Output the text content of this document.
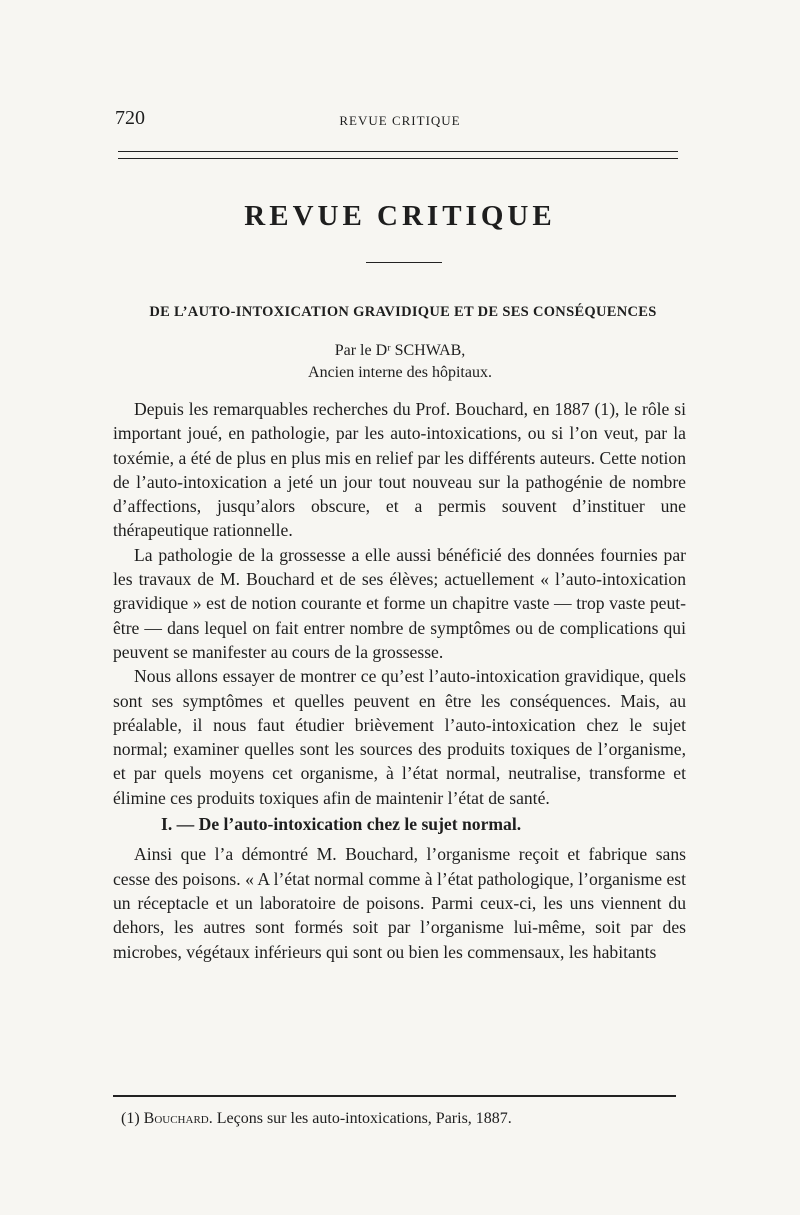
720	REVUE CRITIQUE
REVUE CRITIQUE
DE L’AUTO-INTOXICATION GRAVIDIQUE ET DE SES CONSÉQUENCES
Par le Dʳ SCHWAB,
Ancien interne des hôpitaux.

Depuis les remarquables recherches du Prof. Bouchard, en 1887 (1), le rôle si important joué, en pathologie, par les auto-intoxications, ou si l’on veut, par la toxémie, a été de plus en plus mis en relief par les différents auteurs. Cette notion de l’auto-intoxication a jeté un jour tout nouveau sur la pathogénie de nombre d’affections, jusqu’alors obscure, et a permis souvent d’instituer une thérapeutique rationnelle.

La pathologie de la grossesse a elle aussi bénéficié des données fournies par les travaux de M. Bouchard et de ses élèves; actuellement « l’auto-intoxication gravidique » est de notion courante et forme un chapitre vaste — trop vaste peut-être — dans lequel on fait entrer nombre de symptômes ou de complications qui peuvent se manifester au cours de la grossesse.

Nous allons essayer de montrer ce qu’est l’auto-intoxication gravidique, quels sont ses symptômes et quelles peuvent en être les conséquences. Mais, au préalable, il nous faut étudier brièvement l’auto-intoxication chez le sujet normal; examiner quelles sont les sources des produits toxiques de l’organisme, et par quels moyens cet organisme, à l’état normal, neutralise, transforme et élimine ces produits toxiques afin de maintenir l’état de santé.

I. — De l’auto-intoxication chez le sujet normal.

Ainsi que l’a démontré M. Bouchard, l’organisme reçoit et fabrique sans cesse des poisons. « A l’état normal comme à l’état pathologique, l’organisme est un réceptacle et un laboratoire de poisons. Parmi ceux-ci, les uns viennent du dehors, les autres sont formés soit par l’organisme lui-même, soit par des microbes, végétaux inférieurs qui sont ou bien les commensaux, les habitants

(1) Bouchard. Leçons sur les auto-intoxications, Paris, 1887.
